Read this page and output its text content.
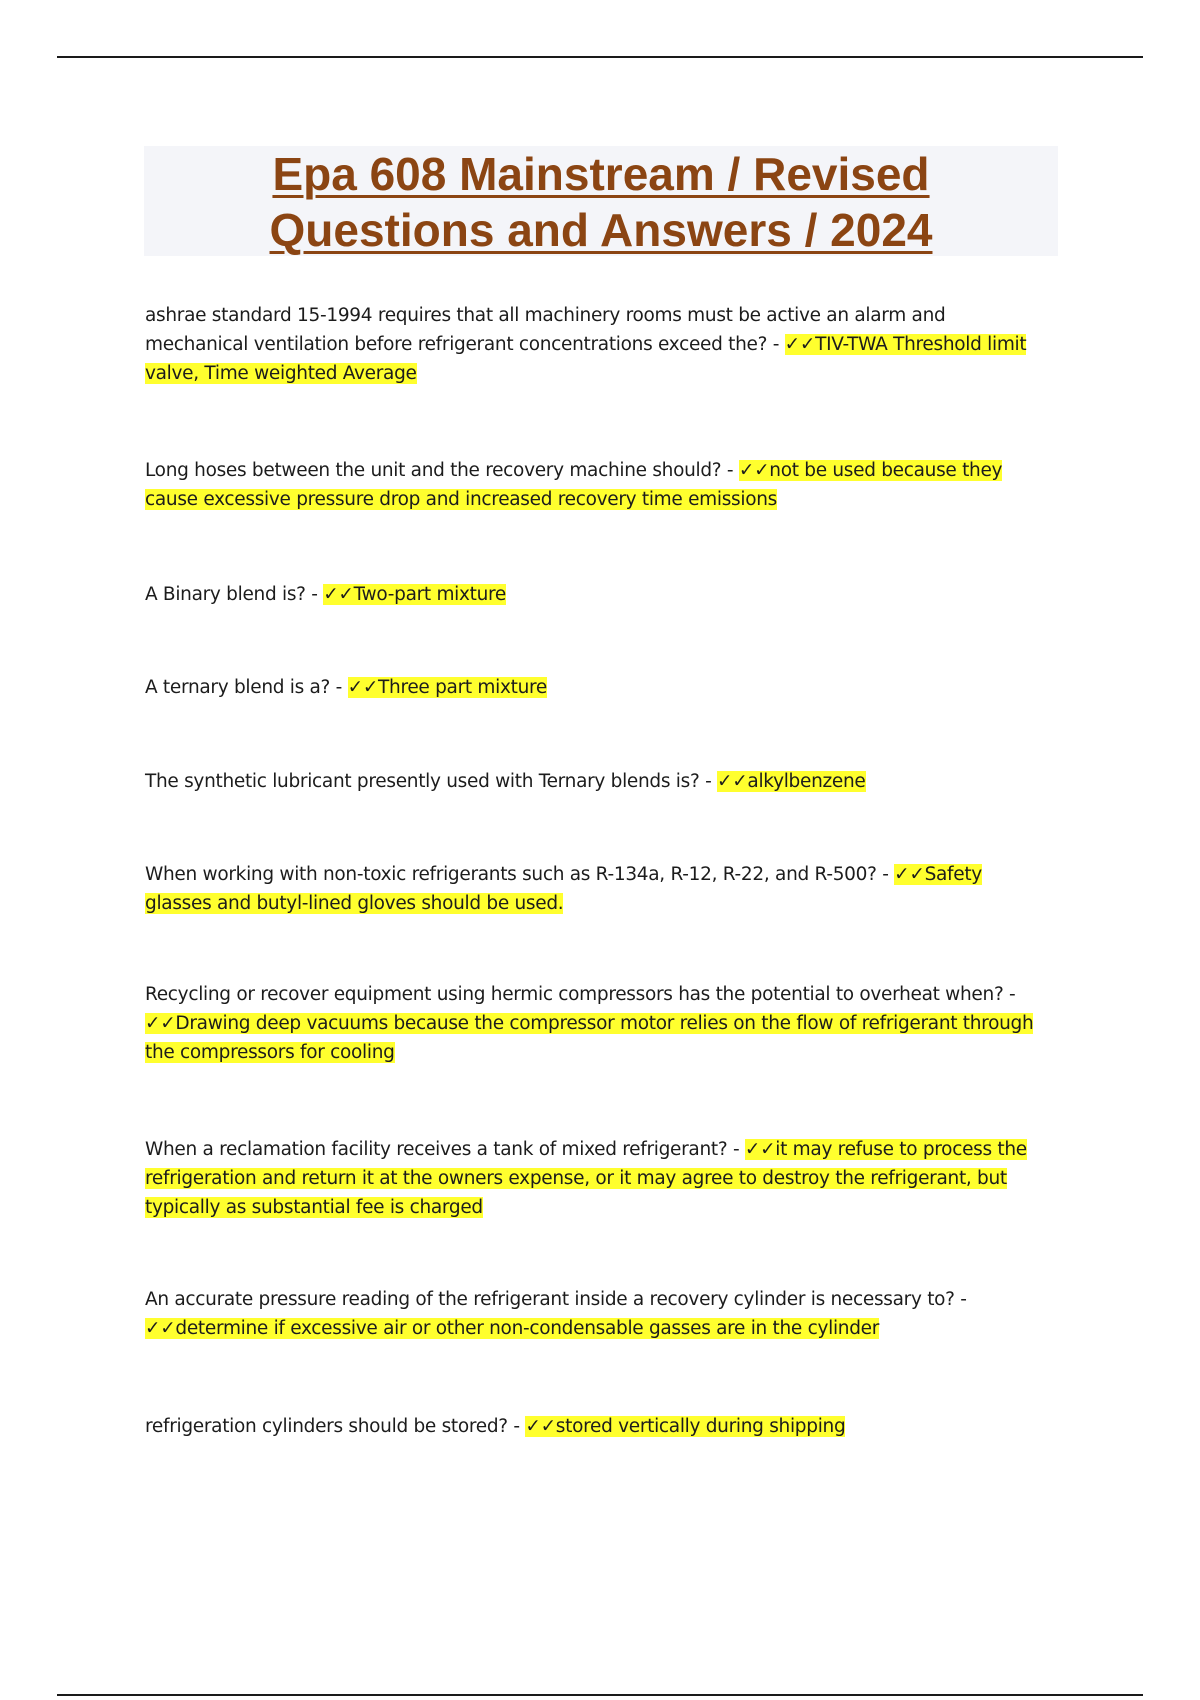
Epa 608 Mainstream / Revised
Questions and Answers / 2024
ashrae standard 15-1994 requires that all machinery rooms must be active an alarm and mechanical ventilation before refrigerant concentrations exceed the? - ✓✓TIV-TWA Threshold limit valve, Time weighted Average
Long hoses between the unit and the recovery machine should? - ✓✓not be used because they cause excessive pressure drop and increased recovery time emissions
A Binary blend is? - ✓✓Two-part mixture
A ternary blend is a? - ✓✓Three part mixture
The synthetic lubricant presently used with Ternary blends is? - ✓✓alkylbenzene
When working with non-toxic refrigerants such as R-134a, R-12, R-22, and R-500? - ✓✓Safety glasses and butyl-lined gloves should be used.
Recycling or recover equipment using hermic compressors has the potential to overheat when? - ✓✓Drawing deep vacuums because the compressor motor relies on the flow of refrigerant through the compressors for cooling
When a reclamation facility receives a tank of mixed refrigerant? - ✓✓it may refuse to process the refrigeration and return it at the owners expense, or it may agree to destroy the refrigerant, but typically as substantial fee is charged
An accurate pressure reading of the refrigerant inside a recovery cylinder is necessary to? - ✓✓determine if excessive air or other non-condensable gasses are in the cylinder
refrigeration cylinders should be stored? - ✓✓stored vertically during shipping
